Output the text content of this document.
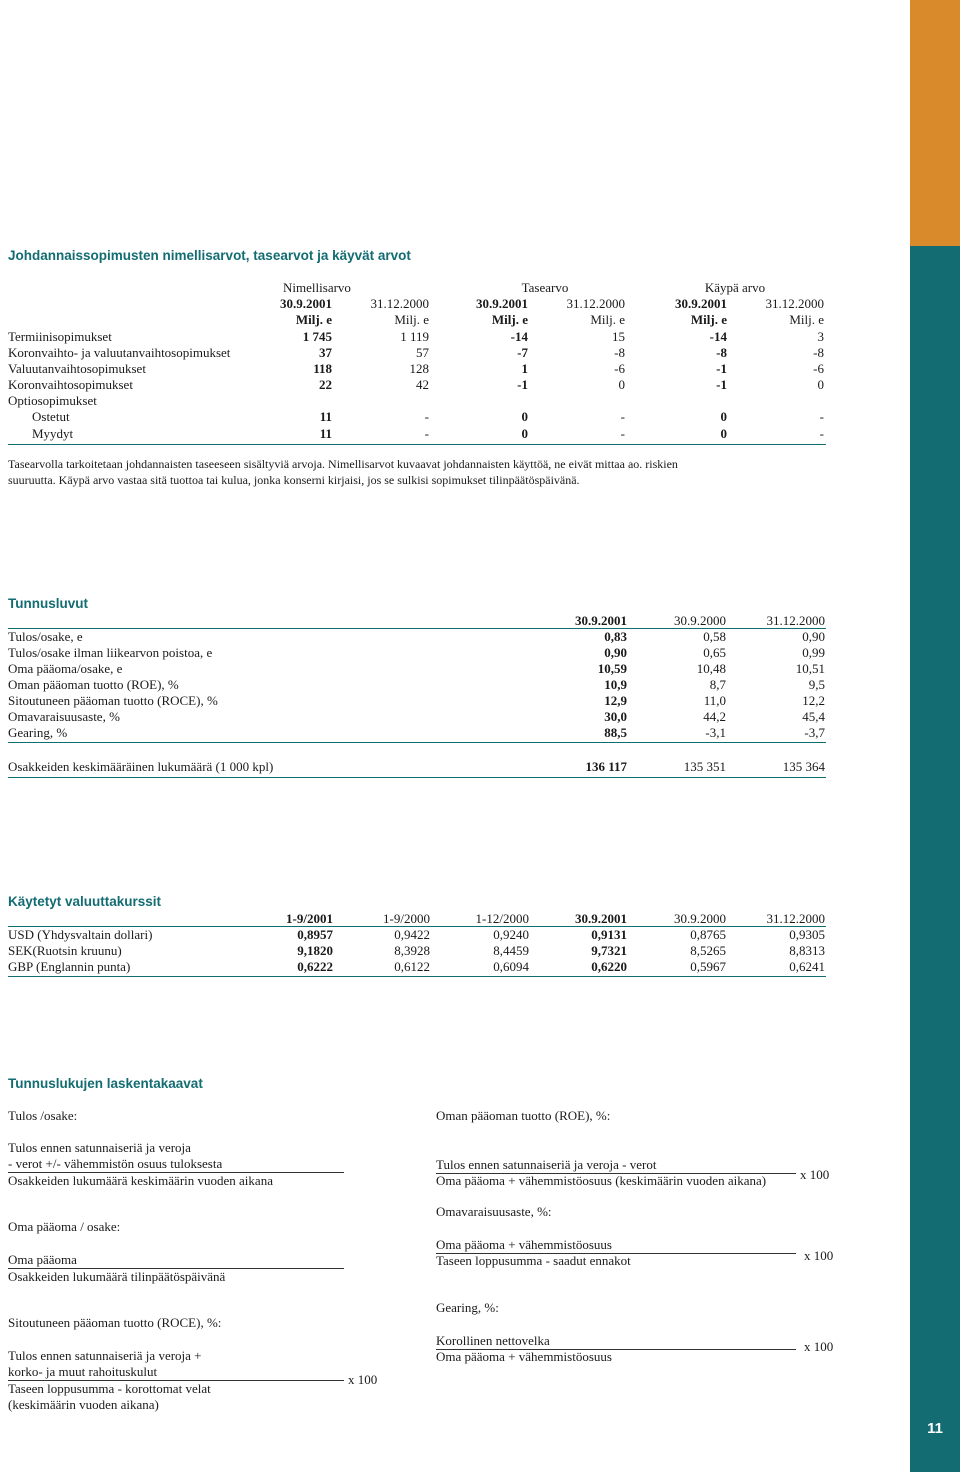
11
Johdannaissopimusten nimellisarvot, tasearvot ja käyvät arvot
Nimellisarvo	Tasearvo	Käypä arvo
30.9.2001	31.12.2000	30.9.2001	31.12.2000	30.9.2001	31.12.2000
Milj. e	Milj. e	Milj. e	Milj. e	Milj. e	Milj. e
Termiinisopimukset	1 745	1 119	-14	15	-14	3
Koronvaihto- ja valuutanvaihtosopimukset	37	57	-7	-8	-8	-8
Valuutanvaihtosopimukset	118	128	1	-6	-1	-6
Koronvaihtosopimukset	22	42	-1	0	-1	0
Optiosopimukset
Ostetut	11	-	0	-	0	-
Myydyt	11	-	0	-	0	-
Tasearvolla tarkoitetaan johdannaisten taseeseen sisältyviä arvoja. Nimellisarvot kuvaavat johdannaisten käyttöä, ne eivät mittaa ao. riskien
suuruutta. Käypä arvo vastaa sitä tuottoa tai kulua, jonka konserni kirjaisi, jos se sulkisi sopimukset tilinpäätöspäivänä.
Tunnusluvut
30.9.2001	30.9.2000	31.12.2000
Tulos/osake, e	0,83	0,58	0,90
Tulos/osake ilman liikearvon poistoa, e	0,90	0,65	0,99
Oma pääoma/osake, e	10,59	10,48	10,51
Oman pääoman tuotto (ROE), %	10,9	8,7	9,5
Sitoutuneen pääoman tuotto (ROCE), %	12,9	11,0	12,2
Omavaraisuusaste, %	30,0	44,2	45,4
Gearing, %	88,5	-3,1	-3,7
Osakkeiden keskimääräinen lukumäärä (1 000 kpl)	136 117	135 351	135 364
Käytetyt valuuttakurssit
1-9/2001	1-9/2000	1-12/2000	30.9.2001	30.9.2000	31.12.2000
USD (Yhdysvaltain dollari)	0,8957	0,9422	0,9240	0,9131	0,8765	0,9305
SEK(Ruotsin kruunu)	9,1820	8,3928	8,4459	9,7321	8,5265	8,8313
GBP (Englannin punta)	0,6222	0,6122	0,6094	0,6220	0,5967	0,6241
Tunnuslukujen laskentakaavat
Tulos /osake:
Tulos ennen satunnaiseriä ja veroja
- verot +/- vähemmistön osuus tuloksesta
Osakkeiden lukumäärä keskimäärin vuoden aikana
Oma pääoma / osake:
Oma pääoma
Osakkeiden lukumäärä tilinpäätöspäivänä
Sitoutuneen pääoman tuotto (ROCE), %:
Tulos ennen satunnaiseriä ja veroja +
korko- ja muut rahoituskulut
Taseen loppusumma - korottomat velat
(keskimäärin vuoden aikana)
x 100
Oman pääoman tuotto (ROE), %:
Tulos ennen satunnaiseriä ja veroja - verot
Oma pääoma + vähemmistöosuus (keskimäärin vuoden aikana)	x 100
Omavaraisuusaste, %:
Oma pääoma + vähemmistöosuus
Taseen loppusumma - saadut ennakot	x 100
Gearing, %:
Korollinen nettovelka
Oma pääoma + vähemmistöosuus
x 100
